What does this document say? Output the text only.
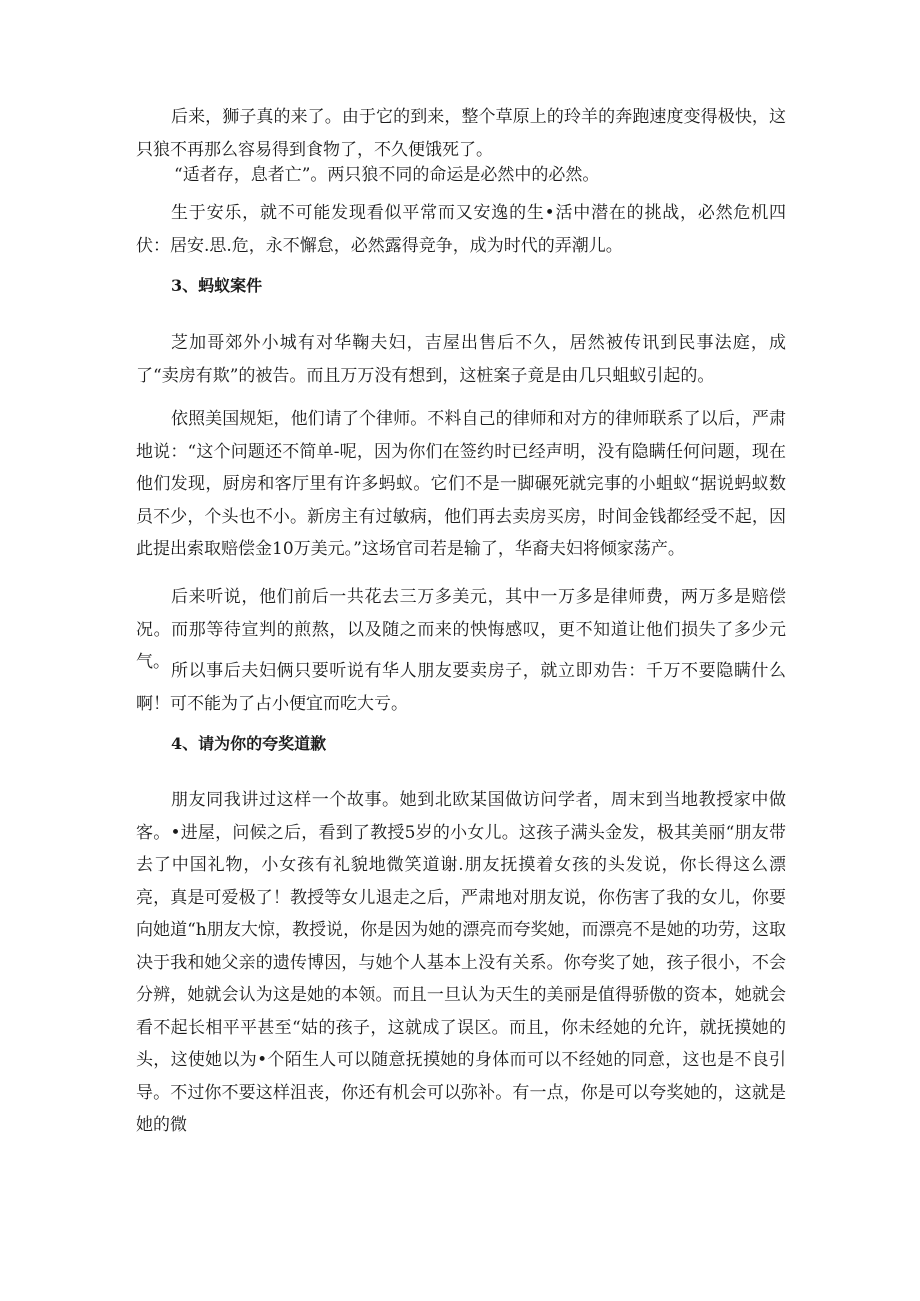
后来，狮子真的来了。由于它的到来，整个草原上的玲羊的奔跑速度变得极快，这只狼不再那么容易得到食物了，不久便饿死了。

“适者存，息者亡”。两只狼不同的命运是必然中的必然。

生于安乐，就不可能发现看似平常而又安逸的生•活中潜在的挑战，必然危机四伏：居安.思.危，永不懈怠，必然露得竞争，成为时代的弄潮儿。

3、蚂蚁案件

芝加哥郊外小城有对华鞠夫妇，吉屋出售后不久，居然被传讯到民事法庭，成了“卖房有欺”的被告。而且万万没有想到，这桩案子竟是由几只蛆蚁引起的。

依照美国规矩，他们请了个律师。不料自己的律师和对方的律师联系了以后，严肃地说：“这个问题还不简单-呢，因为你们在签约时已经声明，没有隐瞒任何问题，现在他们发现，厨房和客厅里有许多蚂蚁。它们不是一脚碾死就完事的小蛆蚁“据说蚂蚁数员不少，个头也不小。新房主有过敏病，他们再去卖房买房，时间金钱都经受不起，因此提出索取赔偿金10万美元。”这场官司若是输了，华裔夫妇将倾家荡产。

后来听说，他们前后一共花去三万多美元，其中一万多是律师费，两万多是赔偿况。而那等待宣判的煎熬，以及随之而来的怏悔感叹，更不知道让他们损失了多少元气。 所以事后夫妇俩只要听说有华人朋友要卖房子，就立即劝告：千万不要隐瞒什么啊！可不能为了占小便宜而吃大亏。

4、请为你的夸奖道歉

朋友同我讲过这样一个故事。她到北欧某国做访问学者，周末到当地教授家中做客。•进屋，问候之后，看到了教授5岁的小女儿。这孩子满头金发，极其美丽“朋友带去了中国礼物，小女孩有礼貌地微笑道谢.朋友抚摸着女孩的头发说，你长得这么漂亮，真是可爱极了！教授等女儿退走之后，严肃地对朋友说，你伤害了我的女儿，你要向她道“h朋友大惊，教授说，你是因为她的漂亮而夸奖她，而漂亮不是她的功劳，这取决于我和她父亲的遗传博因，与她个人基本上没有关系。你夸奖了她，孩子很小，不会分辨，她就会认为这是她的本领。而且一旦认为天生的美丽是值得骄傲的资本，她就会看不起长相平平甚至“姑的孩子，这就成了误区。而且，你未经她的允许，就抚摸她的头，这使她以为•个陌生人可以随意抚摸她的身体而可以不经她的同意，这也是不良引导。不过你不要这样沮丧，你还有机会可以弥补。有一点，你是可以夸奖她的，这就是她的微
